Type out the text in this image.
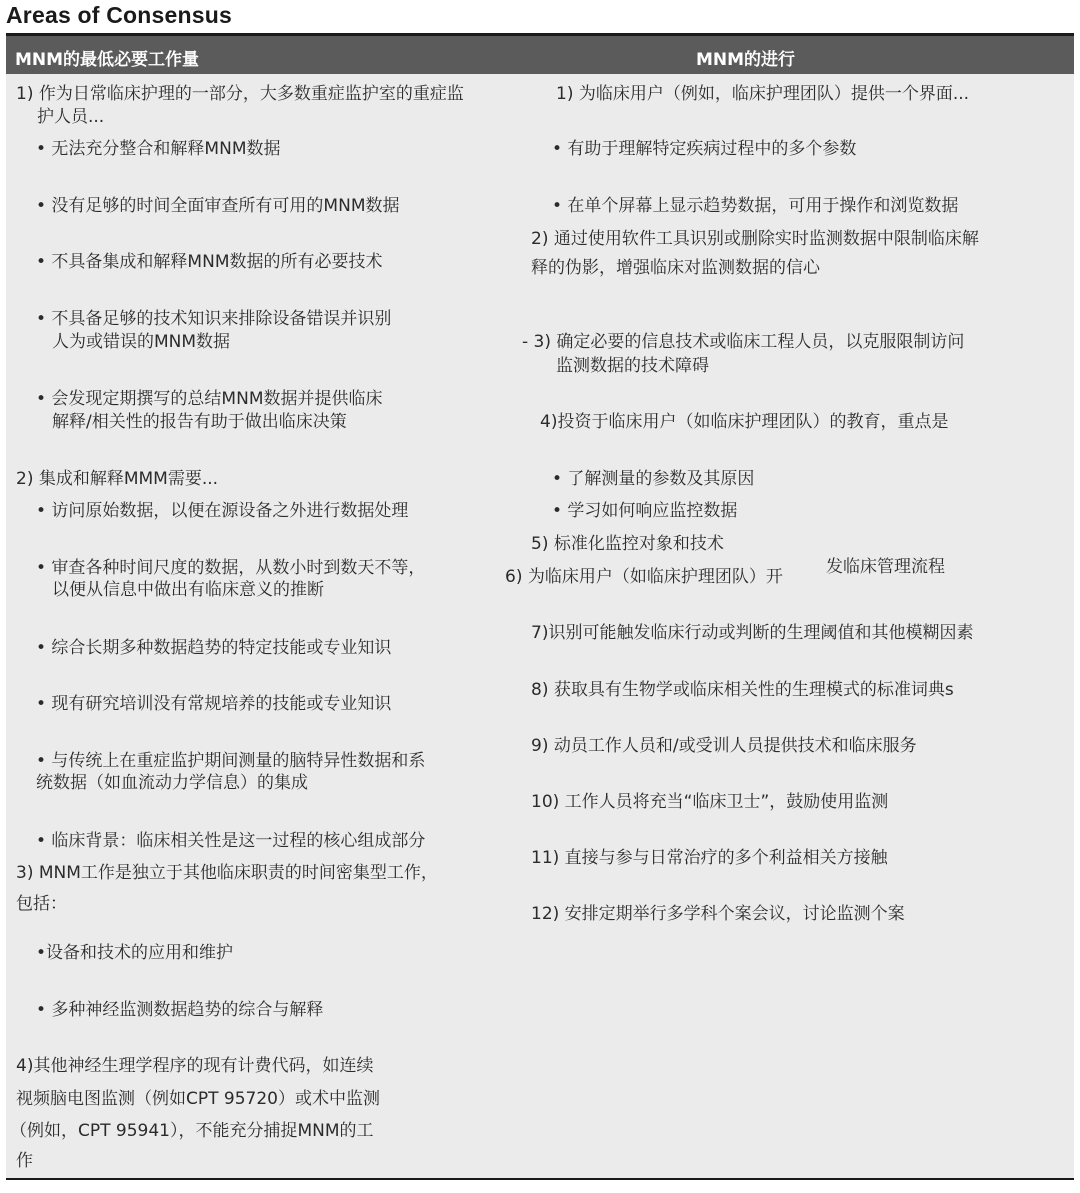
Areas of Consensus
MNM的最低必要工作量	MNM的进行
1) 作为日常临床护理的一部分，大多数重症监护室的重症监
护人员...
• 无法充分整合和解释MNM数据
• 没有足够的时间全面审查所有可用的MNM数据
• 不具备集成和解释MNM数据的所有必要技术
• 不具备足够的技术知识来排除设备错误并识别
人为或错误的MNM数据
• 会发现定期撰写的总结MNM数据并提供临床
解释/相关性的报告有助于做出临床决策
2) 集成和解释MMM需要...
• 访问原始数据，以便在源设备之外进行数据处理
• 审查各种时间尺度的数据，从数小时到数天不等，
以便从信息中做出有临床意义的推断
• 综合长期多种数据趋势的特定技能或专业知识
• 现有研究培训没有常规培养的技能或专业知识
• 与传统上在重症监护期间测量的脑特异性数据和系
统数据（如血流动力学信息）的集成
• 临床背景：临床相关性是这一过程的核心组成部分
3) MNM工作是独立于其他临床职责的时间密集型工作，
包括：
•设备和技术的应用和维护
• 多种神经监测数据趋势的综合与解释
4)其他神经生理学程序的现有计费代码，如连续
视频脑电图监测（例如CPT 95720）或术中监测
（例如，CPT 95941），不能充分捕捉MNM的工
作
1) 为临床用户（例如，临床护理团队）提供一个界面...
• 有助于理解特定疾病过程中的多个参数
• 在单个屏幕上显示趋势数据，可用于操作和浏览数据
2) 通过使用软件工具识别或删除实时监测数据中限制临床解
释的伪影，增强临床对监测数据的信心
- 3) 确定必要的信息技术或临床工程人员，以克服限制访问
监测数据的技术障碍
4)投资于临床用户（如临床护理团队）的教育，重点是
• 了解测量的参数及其原因
• 学习如何响应监控数据
5) 标准化监控对象和技术
6) 为临床用户（如临床护理团队）开	发临床管理流程
7)识别可能触发临床行动或判断的生理阈值和其他模糊因素
8) 获取具有生物学或临床相关性的生理模式的标准词典s
9) 动员工作人员和/或受训人员提供技术和临床服务
10) 工作人员将充当“临床卫士”，鼓励使用监测
11) 直接与参与日常治疗的多个利益相关方接触
12) 安排定期举行多学科个案会议，讨论监测个案
